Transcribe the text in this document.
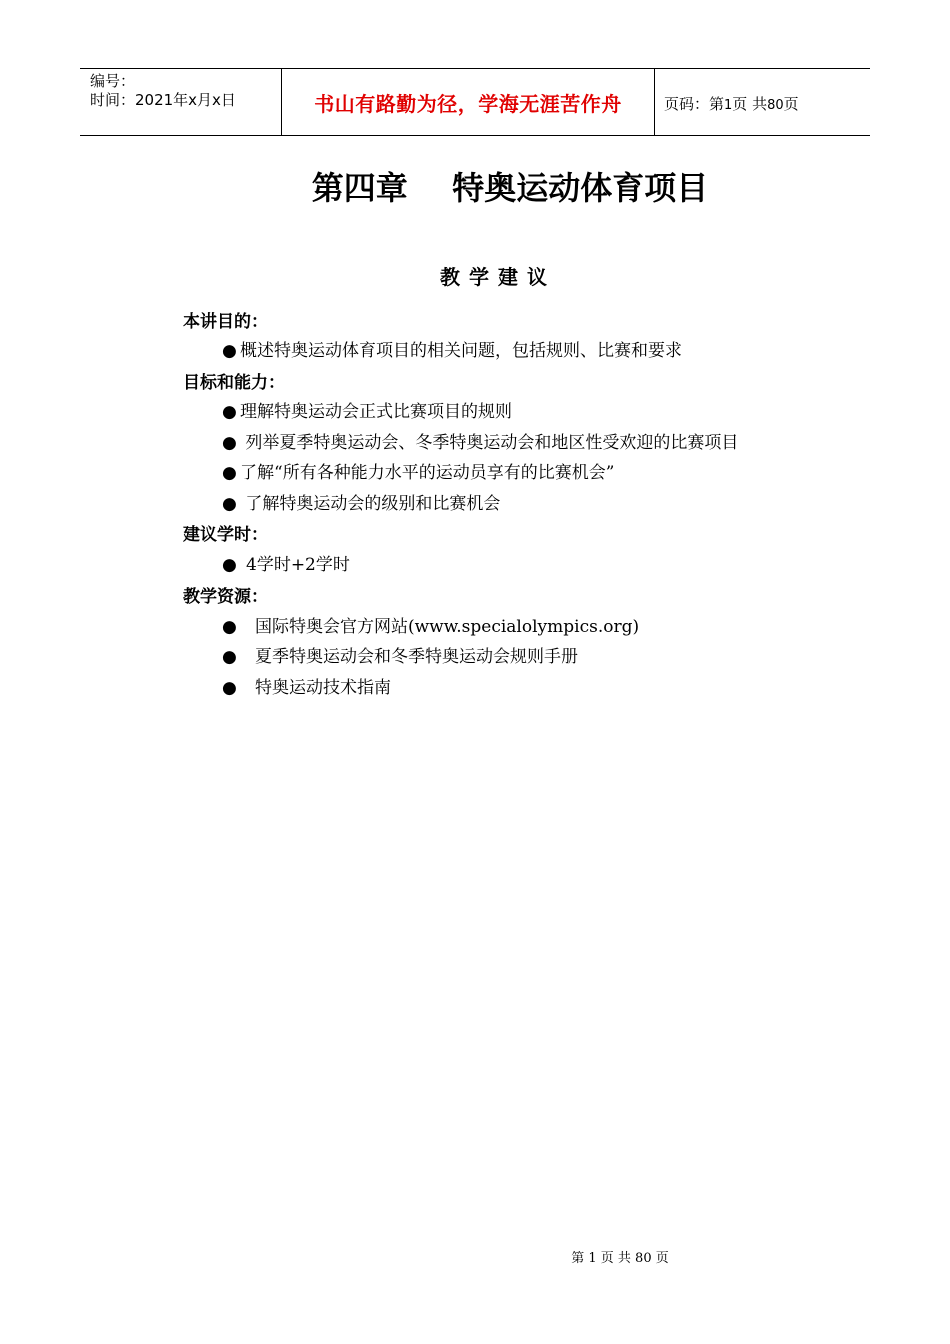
编号：
时间：2021年x月x日	书山有路勤为径，学海无涯苦作舟	页码：第1页 共80页
第四章    特奥运动体育项目
教学建议
本讲目的：
● 概述特奥运动体育项目的相关问题，包括规则、比赛和要求
目标和能力：
● 理解特奥运动会正式比赛项目的规则
● 列举夏季特奥运动会、冬季特奥运动会和地区性受欢迎的比赛项目
● 了解“所有各种能力水平的运动员享有的比赛机会”
● 了解特奥运动会的级别和比赛机会
建议学时：
● 4学时+2学时
教学资源：
● 国际特奥会官方网站(www.specialolympics.org)
● 夏季特奥运动会和冬季特奥运动会规则手册
● 特奥运动技术指南
第 1 页 共 80 页
